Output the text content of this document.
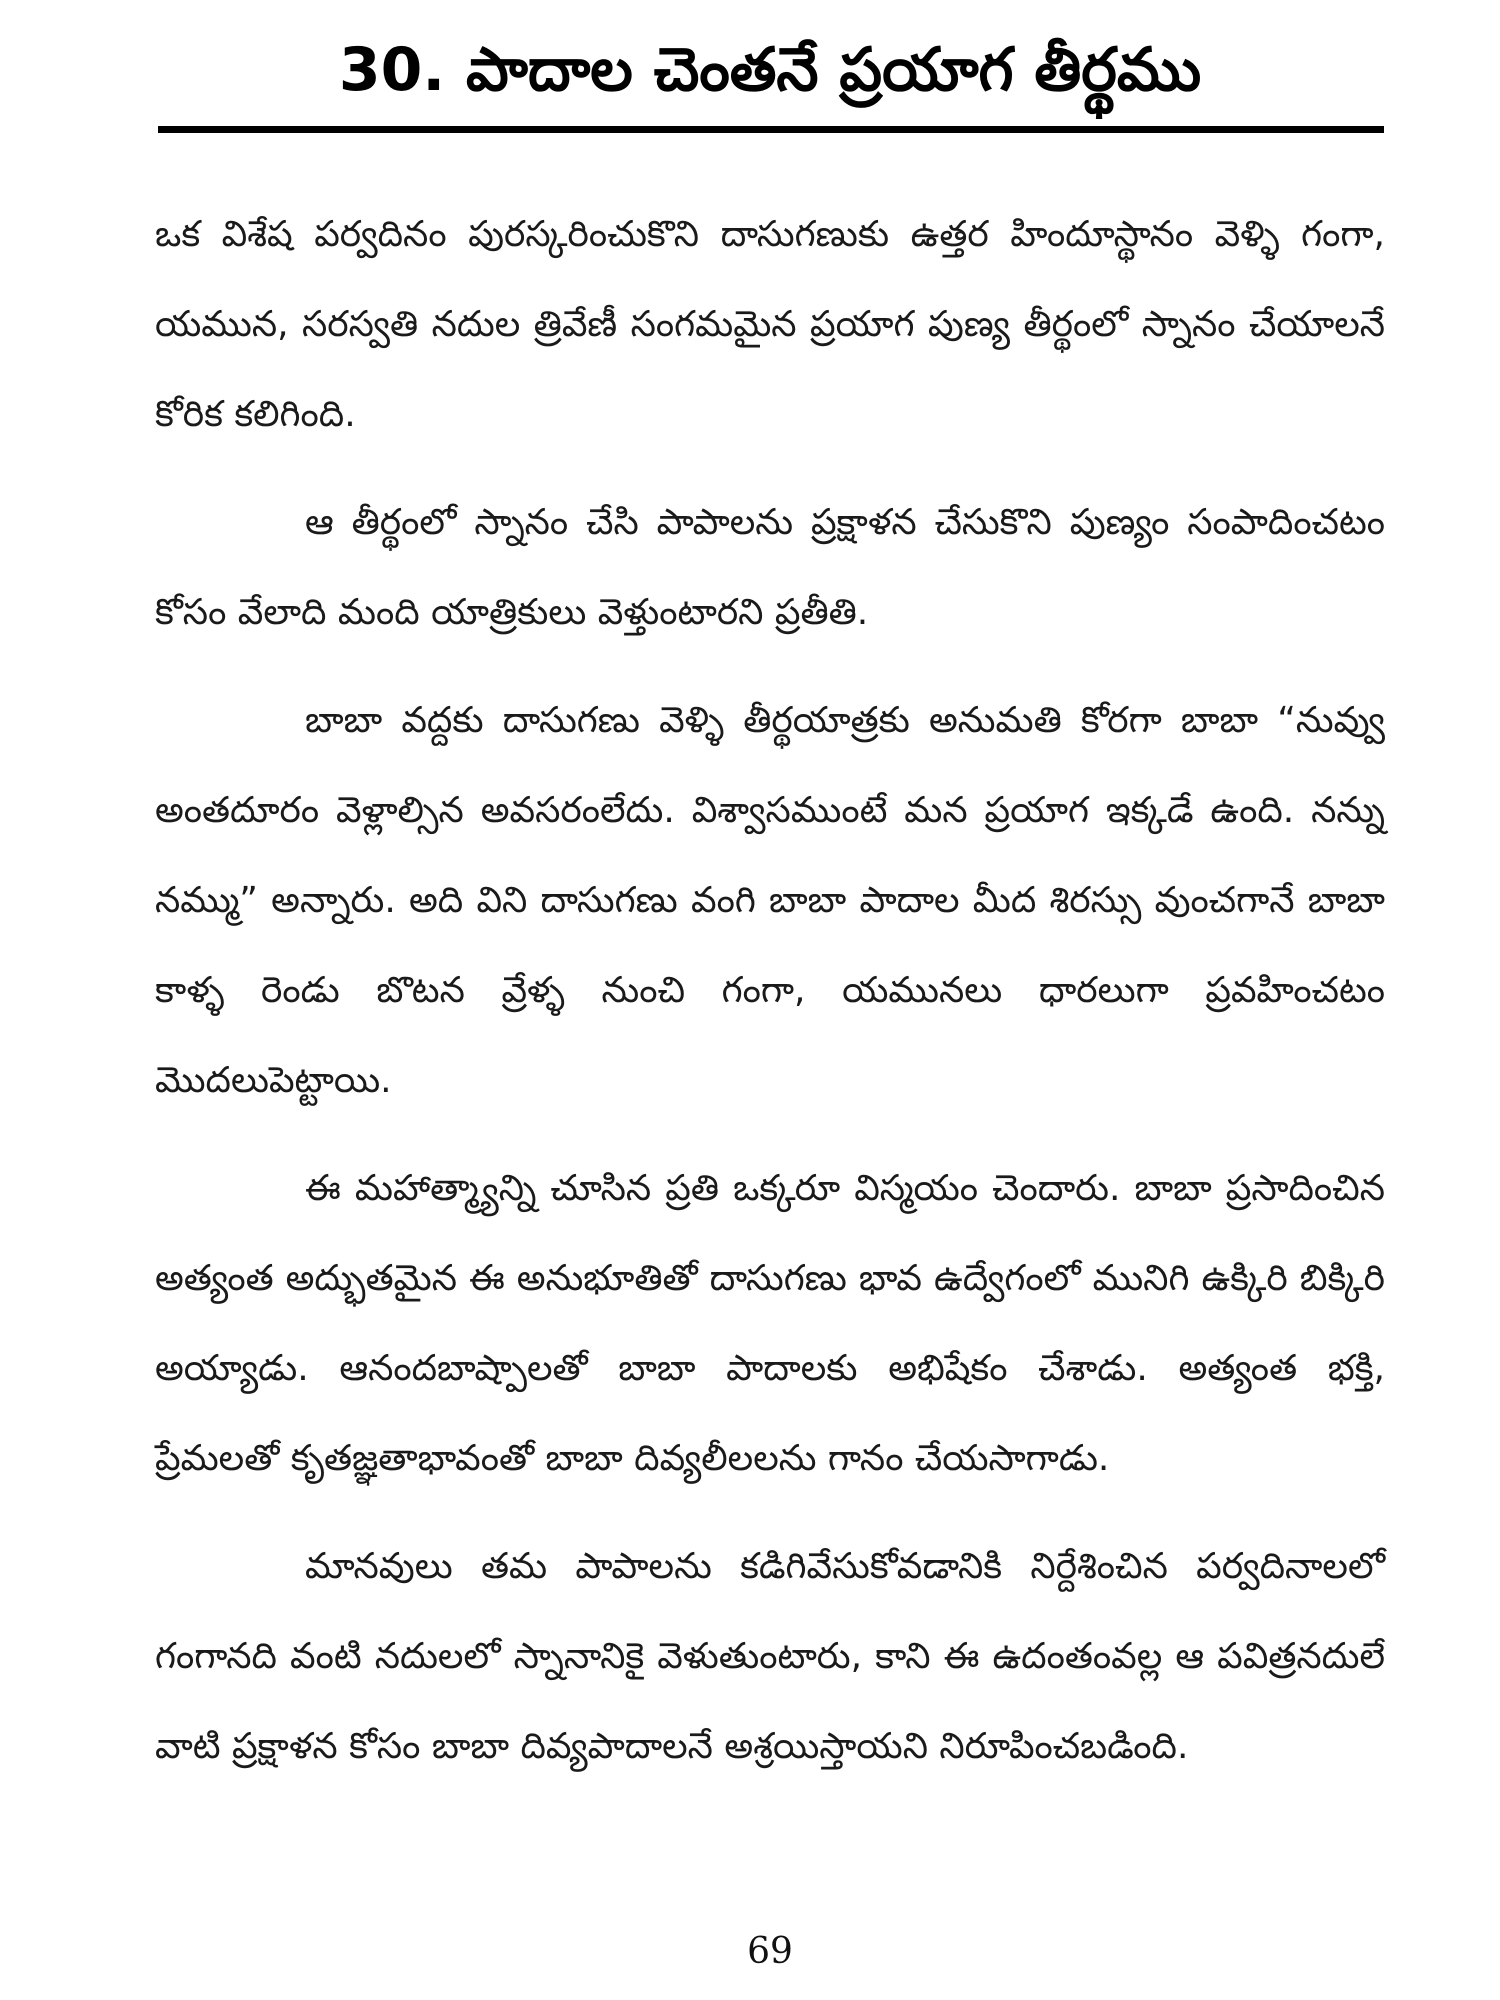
30. పాదాల చెంతనే ప్రయాగ తీర్థము

ఒక విశేష పర్వదినం పురస్కరించుకొని దాసుగణుకు ఉత్తర హిందూస్థానం వెళ్ళి గంగా, యమున, సరస్వతి నదుల త్రివేణీ సంగమమైన ప్రయాగ పుణ్య తీర్థంలో స్నానం చేయాలనే కోరిక కలిగింది.

ఆ తీర్థంలో స్నానం చేసి పాపాలను ప్రక్షాళన చేసుకొని పుణ్యం సంపాదించటం కోసం వేలాది మంది యాత్రికులు వెళ్తుంటారని ప్రతీతి.

బాబా వద్దకు దాసుగణు వెళ్ళి తీర్థయాత్రకు అనుమతి కోరగా బాబా “నువ్వు అంతదూరం వెళ్లాల్సిన అవసరంలేదు. విశ్వాసముంటే మన ప్రయాగ ఇక్కడే ఉంది. నన్ను నమ్ము” అన్నారు. అది విని దాసుగణు వంగి బాబా పాదాల మీద శిరస్సు వుంచగానే బాబా కాళ్ళ రెండు బొటన వ్రేళ్ళ నుంచి గంగా, యమునలు ధారలుగా ప్రవహించటం మొదలుపెట్టాయి.

ఈ మహాత్మ్యాన్ని చూసిన ప్రతి ఒక్కరూ విస్మయం చెందారు. బాబా ప్రసాదించిన అత్యంత అద్భుతమైన ఈ అనుభూతితో దాసుగణు భావ ఉద్వేగంలో మునిగి ఉక్కిరి బిక్కిరి అయ్యాడు. ఆనందబాష్పాలతో బాబా పాదాలకు అభిషేకం చేశాడు. అత్యంత భక్తి, ప్రేమలతో కృతజ్ఞతాభావంతో బాబా దివ్యలీలలను గానం చేయసాగాడు.

మానవులు తమ పాపాలను కడిగివేసుకోవడానికి నిర్దేశించిన పర్వదినాలలో గంగానది వంటి నదులలో స్నానానికై వెళుతుంటారు, కాని ఈ ఉదంతంవల్ల ఆ పవిత్రనదులే వాటి ప్రక్షాళన కోసం బాబా దివ్యపాదాలనే అశ్రయిస్తాయని నిరూపించబడింది.

69
